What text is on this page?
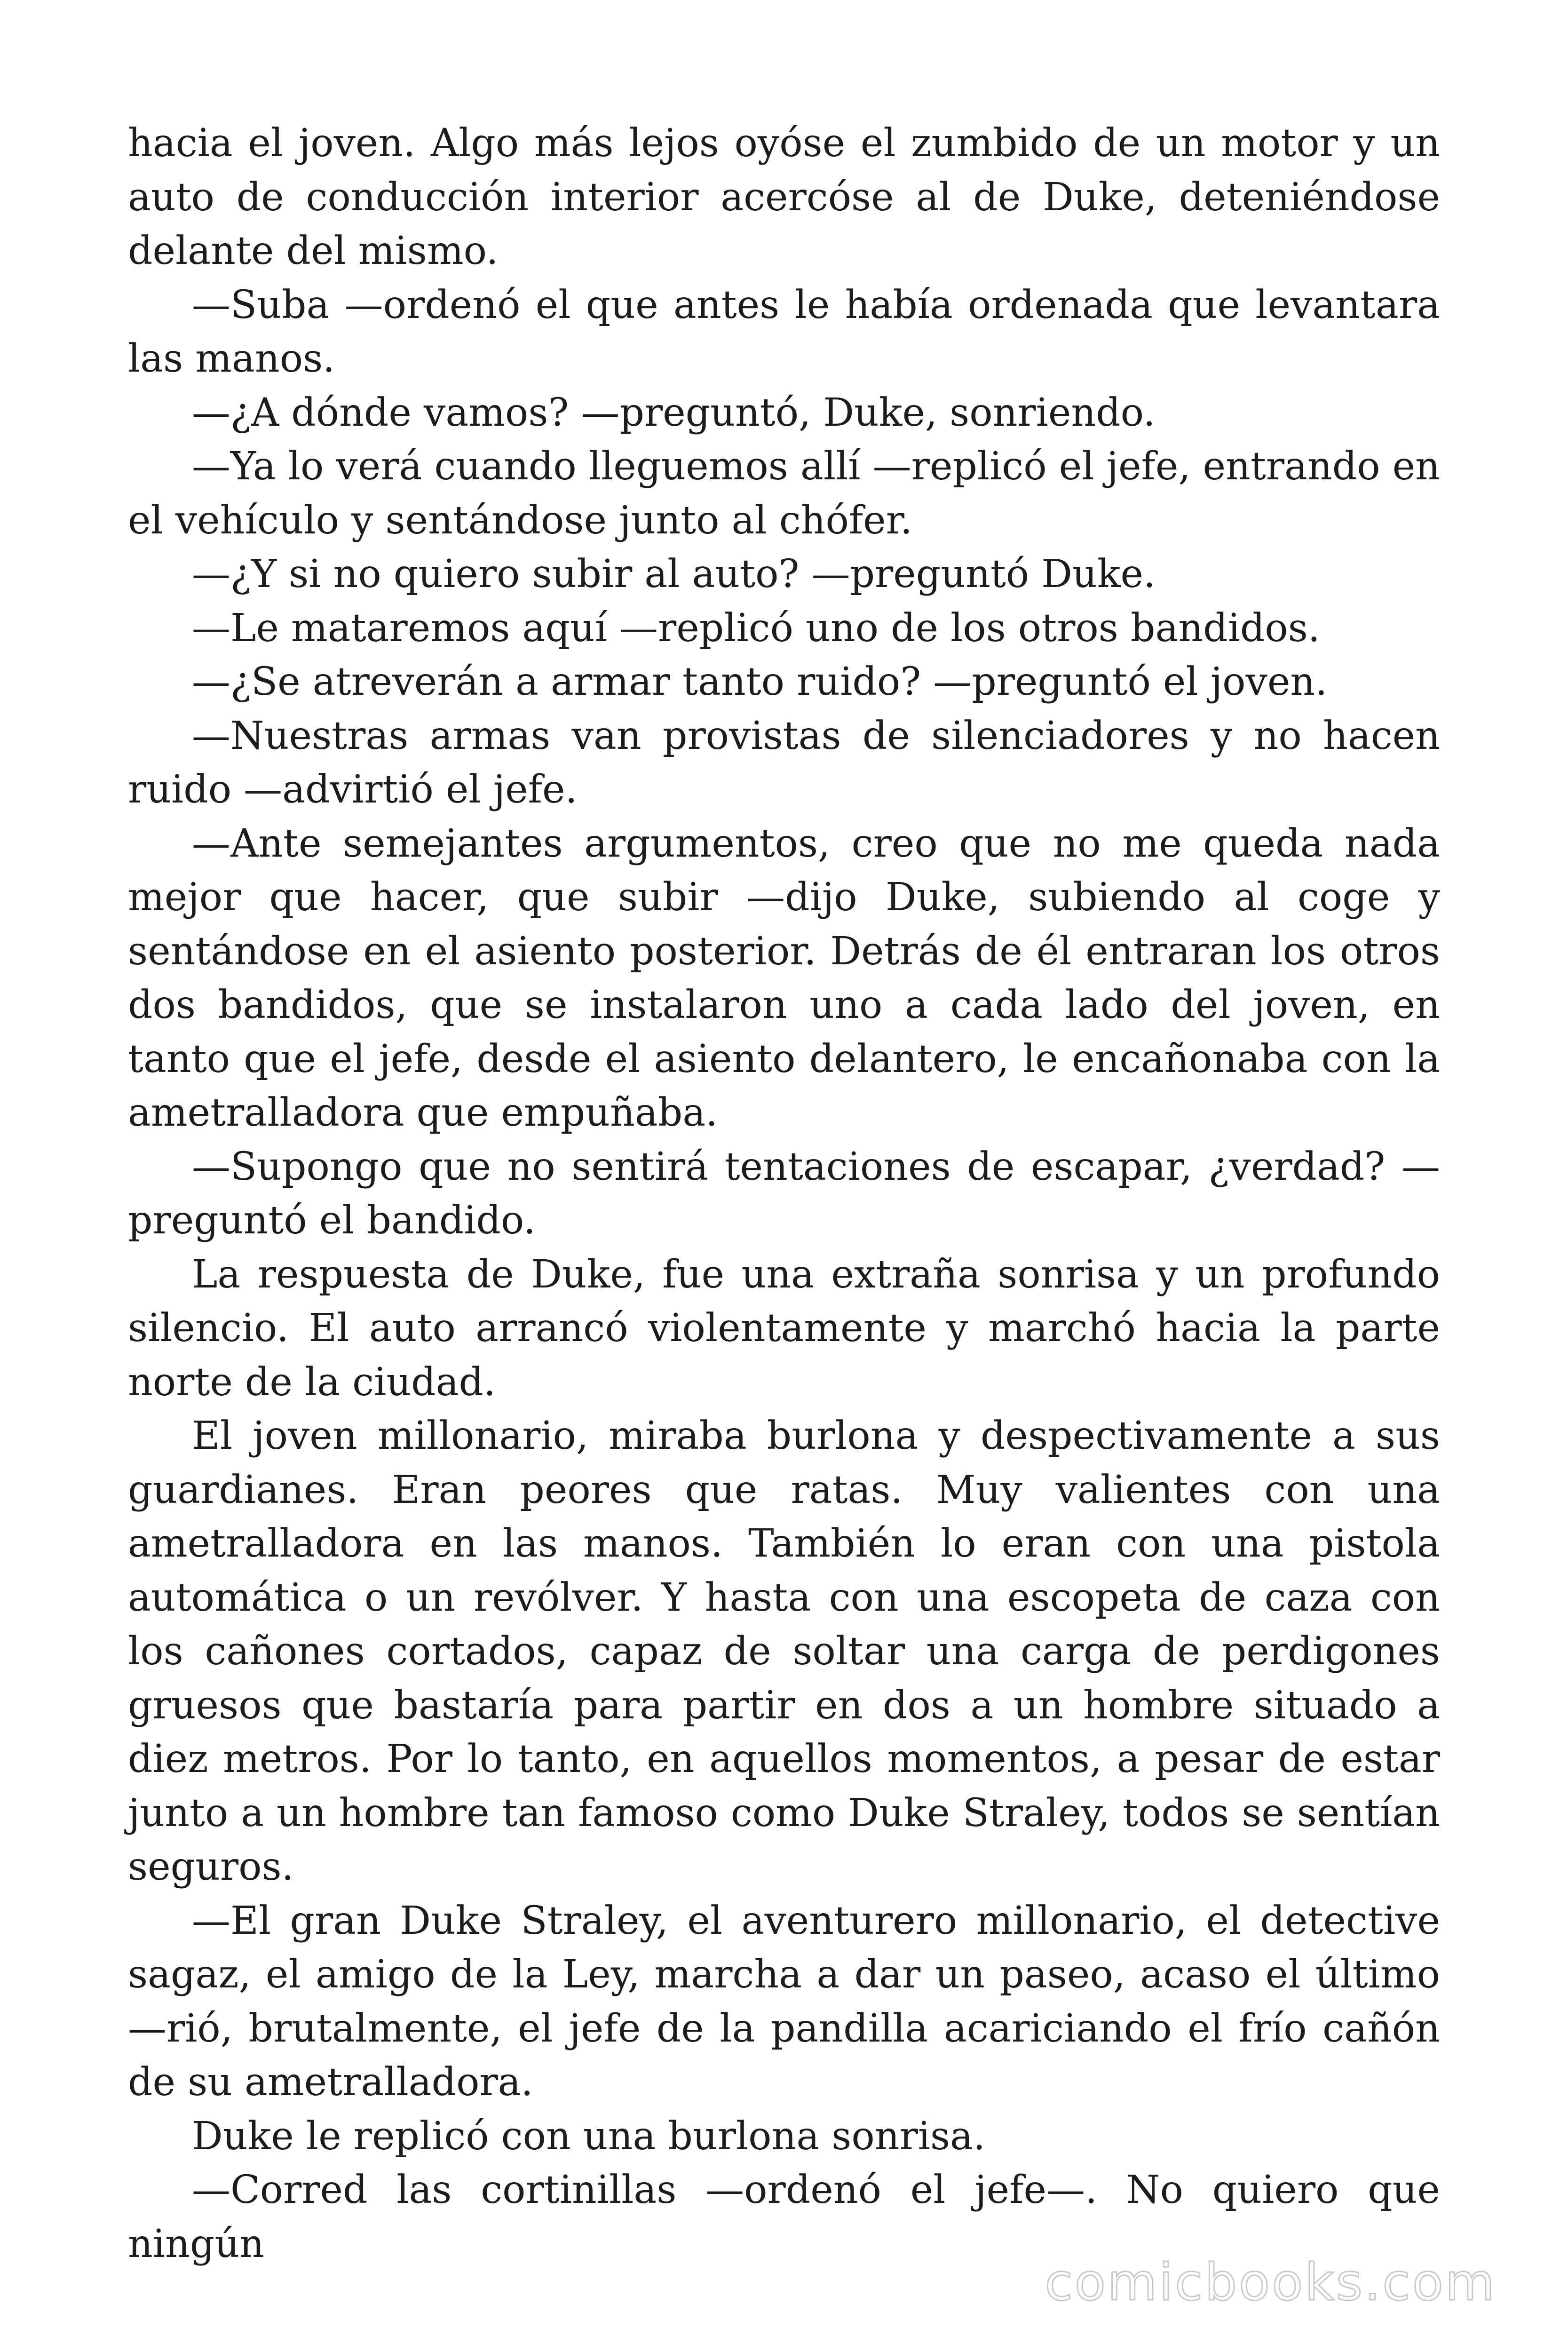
hacia el joven. Algo más lejos oyóse el zumbido de un motor y un auto de conducción interior acercóse al de Duke, deteniéndose delante del mismo.

—Suba —ordenó el que antes le había ordenada que levantara las manos.

—¿A dónde vamos? —preguntó, Duke, sonriendo.

—Ya lo verá cuando lleguemos allí —replicó el jefe, entrando en el vehículo y sentándose junto al chófer.

—¿Y si no quiero subir al auto? —preguntó Duke.

—Le mataremos aquí —replicó uno de los otros bandidos.

—¿Se atreverán a armar tanto ruido? —preguntó el joven.

—Nuestras armas van provistas de silenciadores y no hacen ruido —advirtió el jefe.

—Ante semejantes argumentos, creo que no me queda nada mejor que hacer, que subir —dijo Duke, subiendo al coge y sentándose en el asiento posterior. Detrás de él entraran los otros dos bandidos, que se instalaron uno a cada lado del joven, en tanto que el jefe, desde el asiento delantero, le encañonaba con la ametralladora que empuñaba.

—Supongo que no sentirá tentaciones de escapar, ¿verdad? —preguntó el bandido.

La respuesta de Duke, fue una extraña sonrisa y un profundo silencio. El auto arrancó violentamente y marchó hacia la parte norte de la ciudad.

El joven millonario, miraba burlona y despectivamente a sus guardianes. Eran peores que ratas. Muy valientes con una ametralladora en las manos. También lo eran con una pistola automática o un revólver. Y hasta con una escopeta de caza con los cañones cortados, capaz de soltar una carga de perdigones gruesos que bastaría para partir en dos a un hombre situado a diez metros. Por lo tanto, en aquellos momentos, a pesar de estar junto a un hombre tan famoso como Duke Straley, todos se sentían seguros.

—El gran Duke Straley, el aventurero millonario, el detective sagaz, el amigo de la Ley, marcha a dar un paseo, acaso el último —rió, brutalmente, el jefe de la pandilla acariciando el frío cañón de su ametralladora.

Duke le replicó con una burlona sonrisa.

—Corred las cortinillas —ordenó el jefe—. No quiero que ningún

comicbooks.com
